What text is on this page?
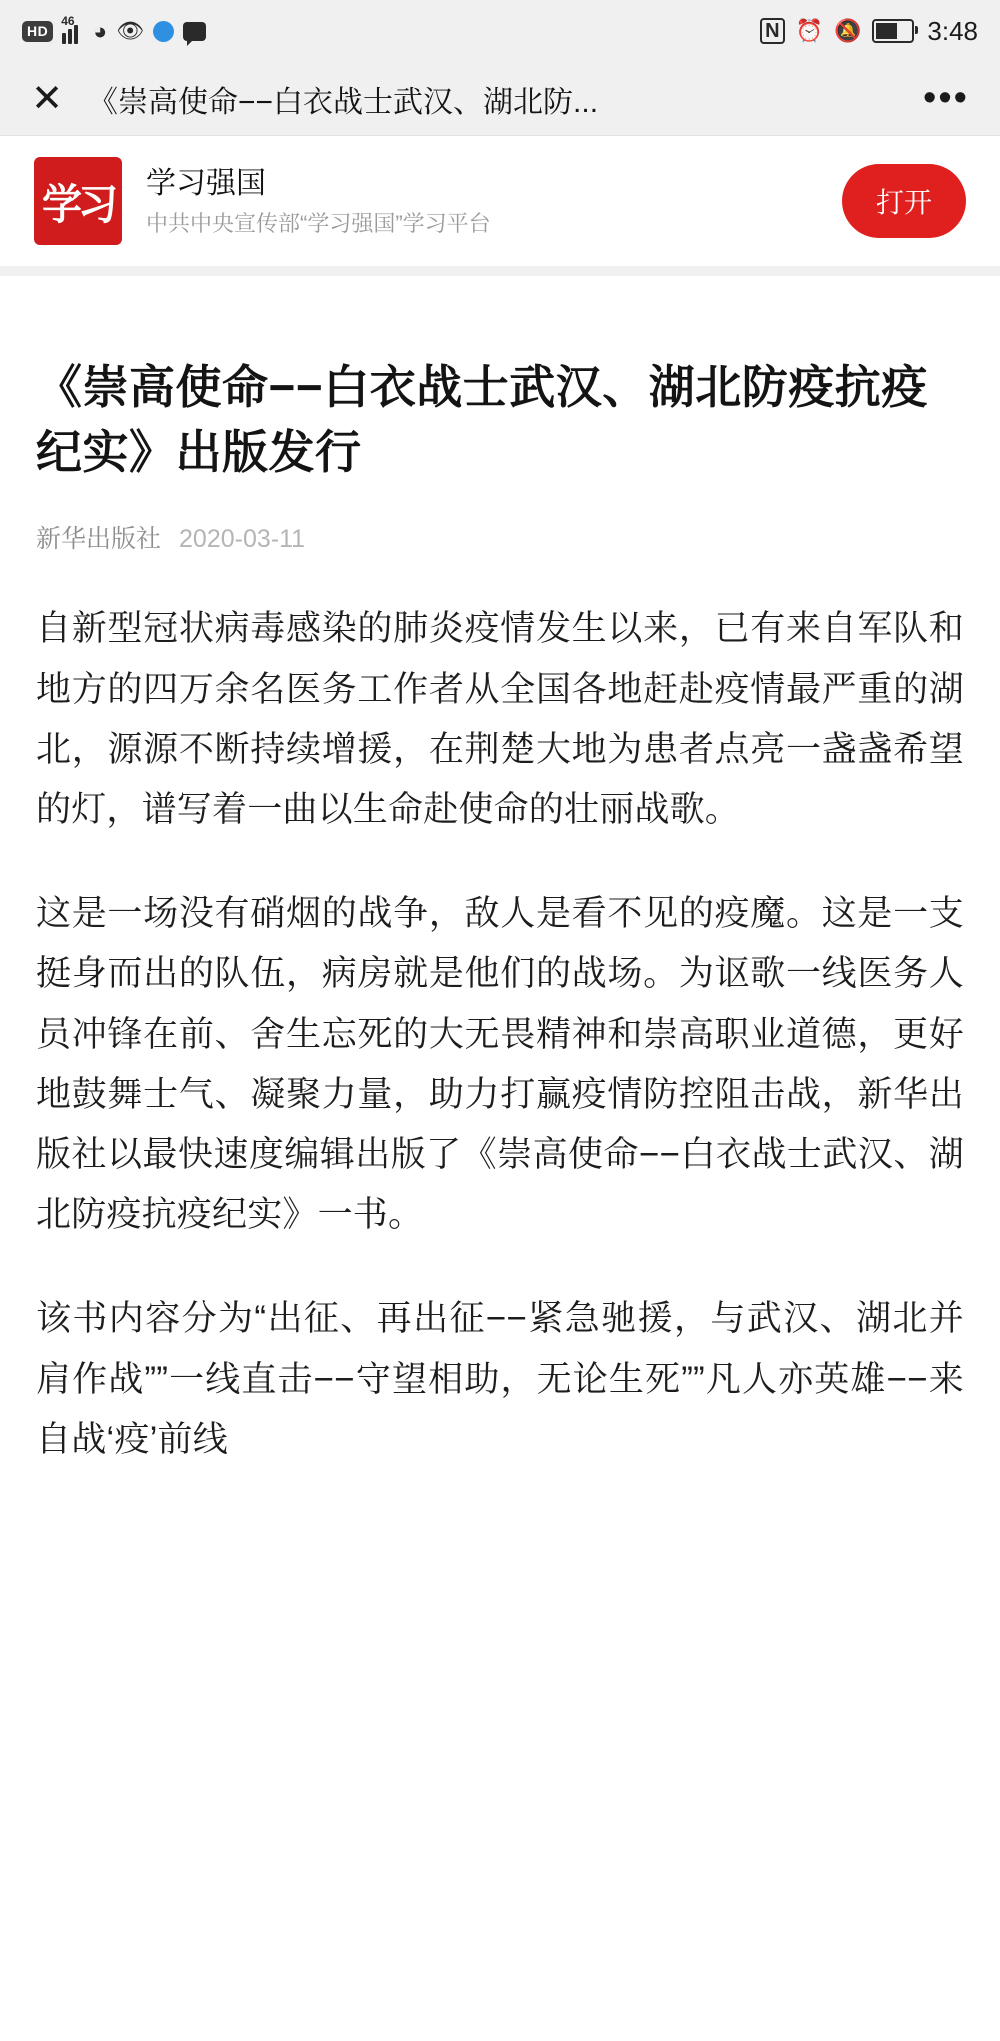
HD
46 ◕ 👁	N ⏰ 🔕	3:48
✕ 《崇高使命−−白衣战士武汉、湖北防...	•••
学习 学习强国
中共中央宣传部“学习强国”学习平台
打开
《崇高使命−−白衣战士武汉、湖北防疫抗疫纪实》出版发行
新华出版社 2020-03-11

自新型冠状病毒感染的肺炎疫情发生以来，已有来自军队和地方的四万余名医务工作者从全国各地赶赴疫情最严重的湖北，源源不断持续增援，在荆楚大地为患者点亮一盏盏希望的灯，谱写着一曲以生命赴使命的壮丽战歌。

这是一场没有硝烟的战争，敌人是看不见的疫魔。这是一支挺身而出的队伍，病房就是他们的战场。为讴歌一线医务人员冲锋在前、舍生忘死的大无畏精神和崇高职业道德，更好地鼓舞士气、凝聚力量，助力打赢疫情防控阻击战，新华出版社以最快速度编辑出版了《崇高使命−−白衣战士武汉、湖北防疫抗疫纪实》一书。

该书内容分为“出征、再出征−−紧急驰援，与武汉、湖北并肩作战””一线直击−−守望相助，无论生死””凡人亦英雄−−来自战‘疫’前线
